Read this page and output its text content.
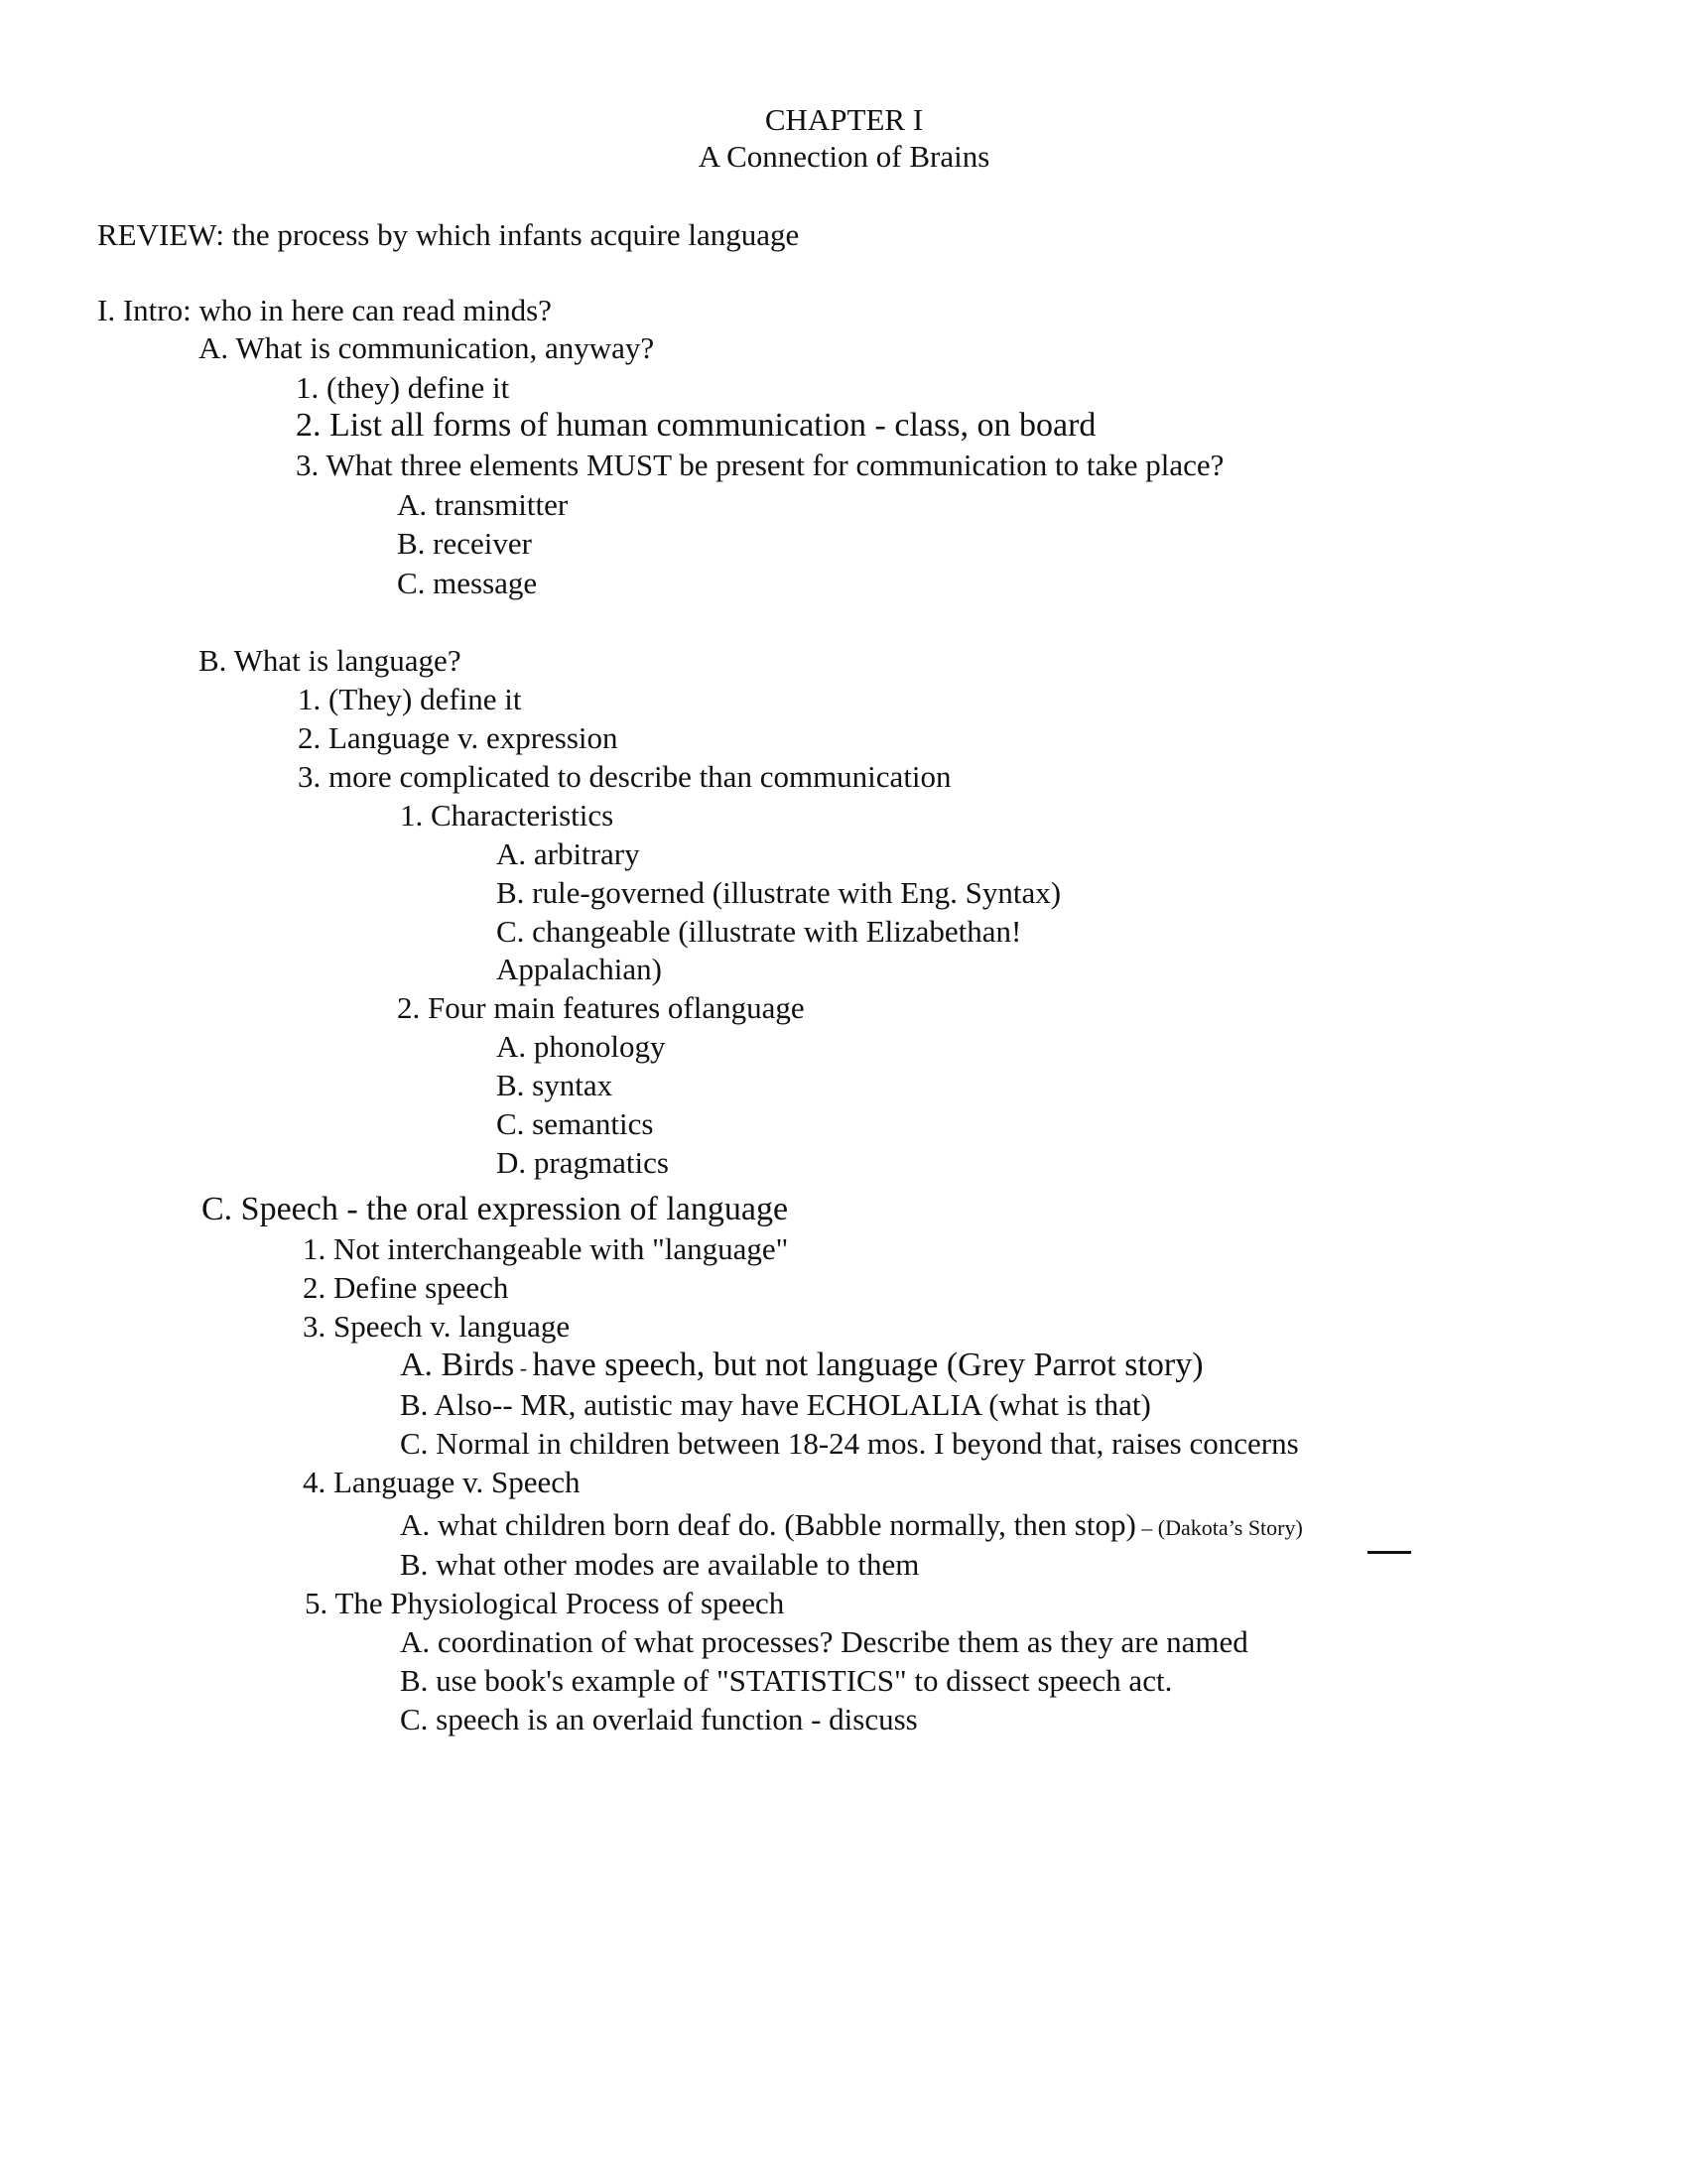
CHAPTER I
A Connection of Brains
REVIEW: the process by which infants acquire language
I. Intro: who in here can read minds?
A. What is communication, anyway?
1. (they) define it
2. List all forms of human communication - class, on board
3. What three elements MUST be present for communication to take place?
A. transmitter
B. receiver
C. message
B. What is language?
1. (They) define it
2. Language v. expression
3. more complicated to describe than communication
1. Characteristics
A. arbitrary
B. rule-governed (illustrate with Eng. Syntax)
C. changeable (illustrate with Elizabethan!
Appalachian)
2. Four main features oflanguage
A. phonology
B. syntax
C. semantics
D. pragmatics
C. Speech - the oral expression of language
1. Not interchangeable with "language"
2. Define speech
3. Speech v. language
A. Birds - have speech, but not language (Grey Parrot story)
B. Also-- MR, autistic may have ECHOLALIA (what is that)
C. Normal in children between 18-24 mos. I beyond that, raises concerns
4. Language v. Speech
A. what children born deaf do. (Babble normally, then stop) – (Dakota’s Story)
B. what other modes are available to them
5. The Physiological Process of speech
A. coordination of what processes? Describe them as they are named
B. use book's example of "STATISTICS" to dissect speech act.
C. speech is an overlaid function - discuss
